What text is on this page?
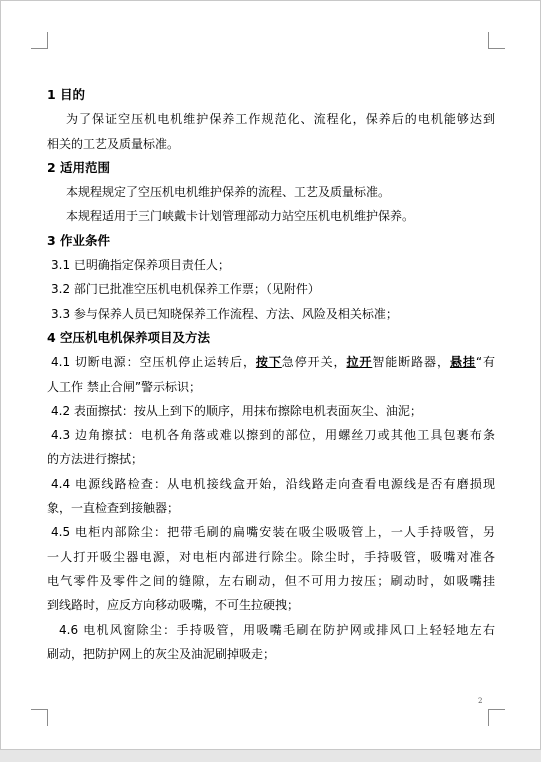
1 目的
为了保证空压机电机维护保养工作规范化、流程化，保养后的电机能够达到
相关的工艺及质量标准。
2 适用范围
本规程规定了空压机电机维护保养的流程、工艺及质量标准。
本规程适用于三门峡戴卡计划管理部动力站空压机电机维护保养。
3 作业条件
3.1 已明确指定保养项目责任人；
3.2 部门已批准空压机电机保养工作票；（见附件）
3.3 参与保养人员已知晓保养工作流程、方法、风险及相关标准；
4 空压机电机保养项目及方法
4.1 切断电源：空压机停止运转后，按下急停开关，拉开智能断路器，悬挂“有
人工作 禁止合闸”警示标识；
4.2 表面擦拭：按从上到下的顺序，用抹布擦除电机表面灰尘、油泥；
4.3 边角擦拭：电机各角落或难以擦到的部位，用螺丝刀或其他工具包裹布条
的方法进行擦拭；
4.4 电源线路检查：从电机接线盒开始，沿线路走向查看电源线是否有磨损现
象，一直检查到接触器；
4.5 电柜内部除尘：把带毛刷的扁嘴安装在吸尘吸吸管上，一人手持吸管，另
一人打开吸尘器电源，对电柜内部进行除尘。除尘时，手持吸管，吸嘴对准各
电气零件及零件之间的缝隙，左右刷动，但不可用力按压；刷动时，如吸嘴挂
到线路时，应反方向移动吸嘴，不可生拉硬拽；
4.6 电机风窗除尘：手持吸管，用吸嘴毛刷在防护网或排风口上轻轻地左右
刷动，把防护网上的灰尘及油泥刷掉吸走；
2
